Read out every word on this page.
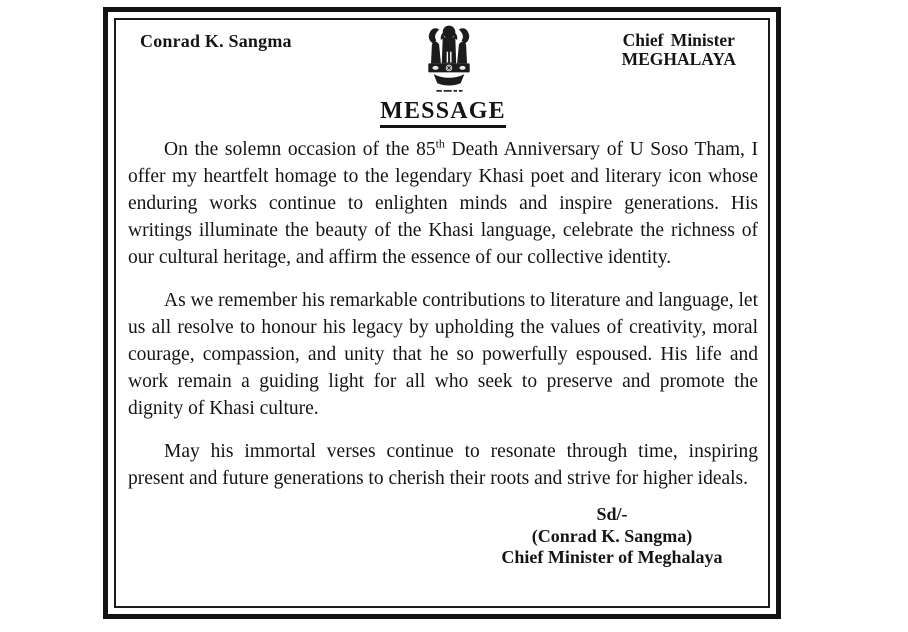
Conrad K. Sangma	Chief Minister
MEGHALAYA
MESSAGE

On the solemn occasion of the 85th Death Anniversary of U Soso Tham, I offer my heartfelt homage to the legendary Khasi poet and literary icon whose enduring works continue to enlighten minds and inspire generations. His writings illuminate the beauty of the Khasi language, celebrate the richness of our cultural heritage, and affirm the essence of our collective identity.

As we remember his remarkable contributions to literature and language, let us all resolve to honour his legacy by upholding the values of creativity, moral courage, compassion, and unity that he so powerfully espoused. His life and work remain a guiding light for all who seek to preserve and promote the dignity of Khasi culture.

May his immortal verses continue to resonate through time, inspiring present and future generations to cherish their roots and strive for higher ideals.

Sd/-
(Conrad K. Sangma)
Chief Minister of Meghalaya
